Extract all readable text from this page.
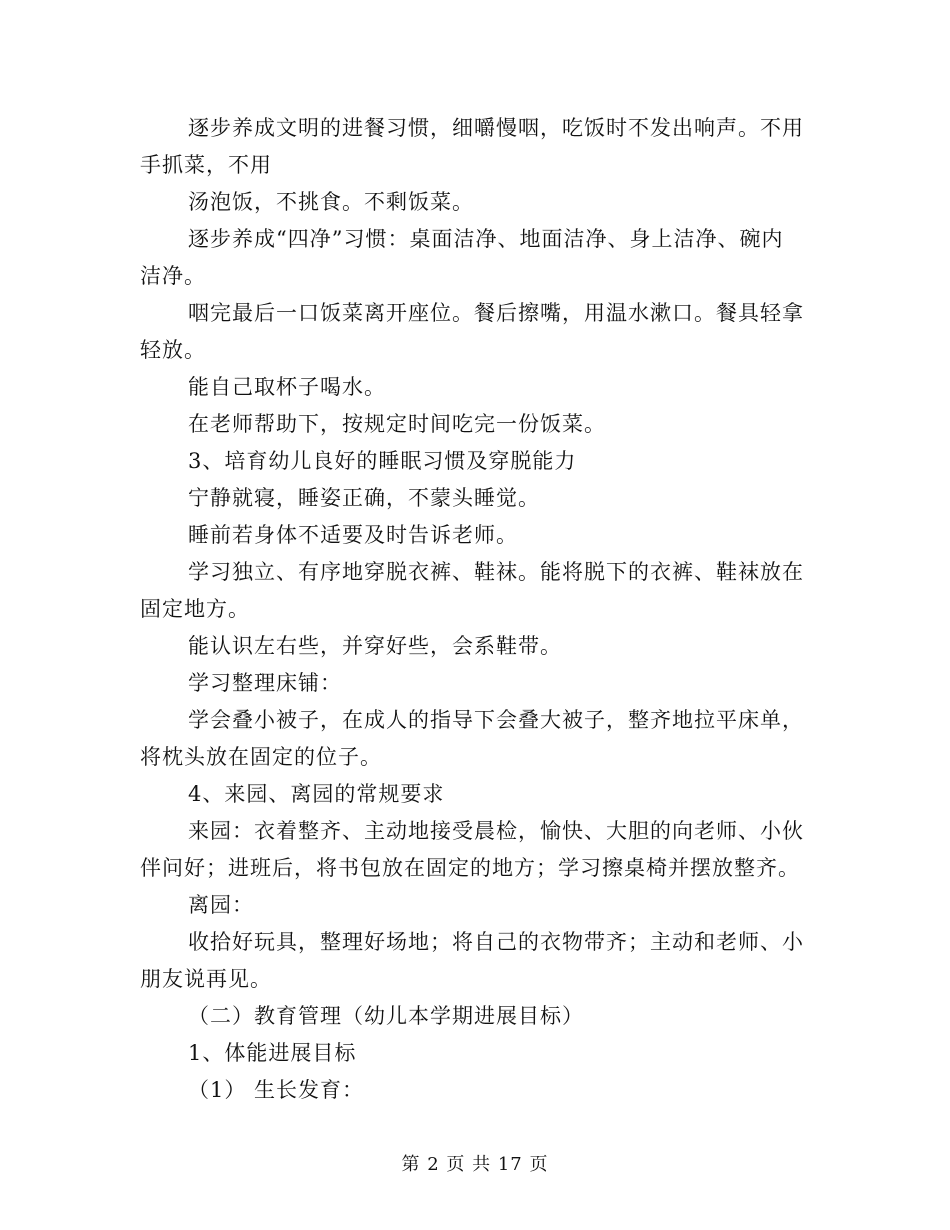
逐步养成文明的进餐习惯，细嚼慢咽，吃饭时不发出响声。不用
手抓菜，不用
汤泡饭，不挑食。不剩饭菜。
逐步养成“四净”习惯：桌面洁净、地面洁净、身上洁净、碗内
洁净。
咽完最后一口饭菜离开座位。餐后擦嘴，用温水漱口。餐具轻拿
轻放。
能自己取杯子喝水。
在老师帮助下，按规定时间吃完一份饭菜。
3、培育幼儿良好的睡眠习惯及穿脱能力
宁静就寝，睡姿正确，不蒙头睡觉。
睡前若身体不适要及时告诉老师。
学习独立、有序地穿脱衣裤、鞋袜。能将脱下的衣裤、鞋袜放在
固定地方。
能认识左右些，并穿好些，会系鞋带。
学习整理床铺：
学会叠小被子，在成人的指导下会叠大被子，整齐地拉平床单，
将枕头放在固定的位子。
4、来园、离园的常规要求
来园：衣着整齐、主动地接受晨检，愉快、大胆的向老师、小伙
伴问好；进班后，将书包放在固定的地方；学习擦桌椅并摆放整齐。
离园：
收拾好玩具，整理好场地；将自己的衣物带齐；主动和老师、小
朋友说再见。
（二）教育管理（幼儿本学期进展目标）
1、体能进展目标
（1） 生长发育：
第 2 页 共 17 页
